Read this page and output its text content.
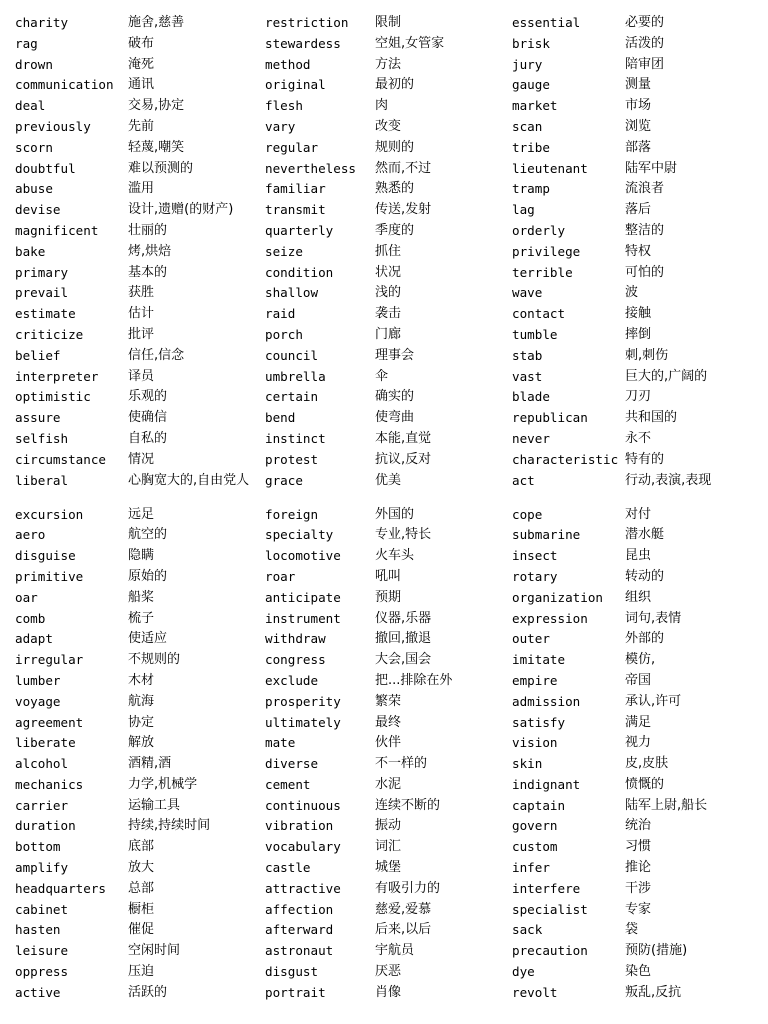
charity	施舍,慈善
rag	破布
drown	淹死
communication	通讯
deal	交易,协定
previously	先前
scorn	轻蔑,嘲笑
doubtful	难以预测的
abuse	滥用
devise	设计,遗赠(的财产)
magnificent	壮丽的
bake	烤,烘焙
primary	基本的
prevail	获胜
estimate	估计
criticize	批评
belief	信任,信念
interpreter	译员
optimistic	乐观的
assure	使确信
selfish	自私的
circumstance	情况
liberal	心胸宽大的,自由党人
excursion	远足
aero	航空的
disguise	隐瞒
primitive	原始的
oar	船桨
comb	梳子
adapt	使适应
irregular	不规则的
lumber	木材
voyage	航海
agreement	协定
liberate	解放
alcohol	酒精,酒
mechanics	力学,机械学
carrier	运输工具
duration	持续,持续时间
bottom	底部
amplify	放大
headquarters	总部
cabinet	橱柜
hasten	催促
leisure	空闲时间
oppress	压迫
active	活跃的
restriction	限制
stewardess	空姐,女管家
method	方法
original	最初的
flesh	肉
vary	改变
regular	规则的
nevertheless	然而,不过
familiar	熟悉的
transmit	传送,发射
quarterly	季度的
seize	抓住
condition	状况
shallow	浅的
raid	袭击
porch	门廊
council	理事会
umbrella	伞
certain	确实的
bend	使弯曲
instinct	本能,直觉
protest	抗议,反对
grace	优美
foreign	外国的
specialty	专业,特长
locomotive	火车头
roar	吼叫
anticipate	预期
instrument	仪器,乐器
withdraw	撤回,撤退
congress	大会,国会
exclude	把...排除在外
prosperity	繁荣
ultimately	最终
mate	伙伴
diverse	不一样的
cement	水泥
continuous	连续不断的
vibration	振动
vocabulary	词汇
castle	城堡
attractive	有吸引力的
affection	慈爱,爱慕
afterward	后来,以后
astronaut	宇航员
disgust	厌恶
portrait	肖像
essential	必要的
brisk	活泼的
jury	陪审团
gauge	测量
market	市场
scan	浏览
tribe	部落
lieutenant	陆军中尉
tramp	流浪者
lag	落后
orderly	整洁的
privilege	特权
terrible	可怕的
wave	波
contact	接触
tumble	摔倒
stab	刺,刺伤
vast	巨大的,广阔的
blade	刀刃
republican	共和国的
never	永不
characteristic 特有的
act	行动,表演,表现
cope	对付
submarine	潜水艇
insect	昆虫
rotary	转动的
organization	组织
expression	词句,表情
outer	外部的
imitate	模仿,
empire	帝国
admission	承认,许可
satisfy	满足
vision	视力
skin	皮,皮肤
indignant	愤慨的
captain	陆军上尉,船长
govern	统治
custom	习惯
infer	推论
interfere	干涉
specialist	专家
sack	袋
precaution	预防(措施)
dye	染色
revolt	叛乱,反抗
